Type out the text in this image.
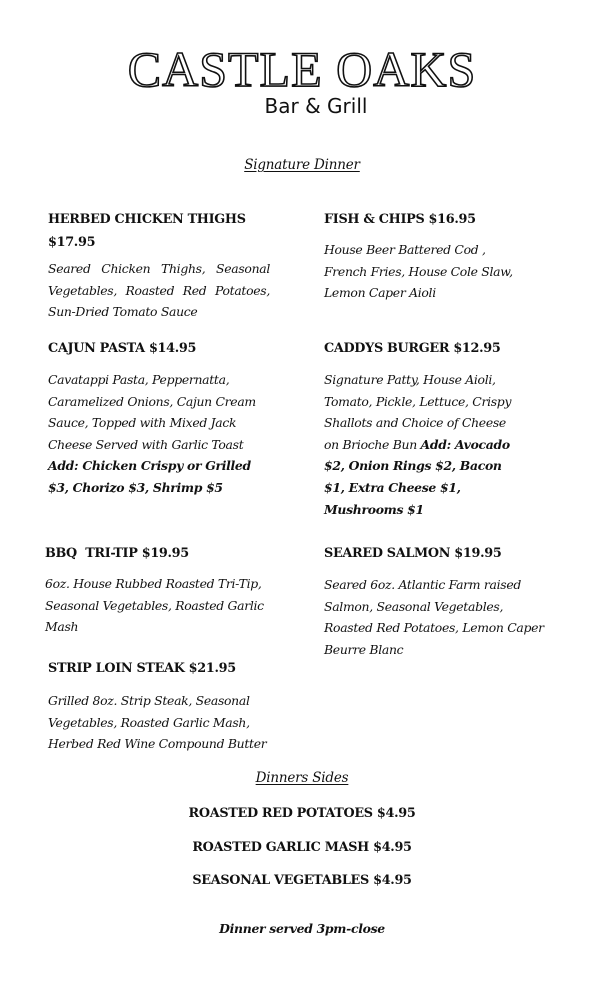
CASTLE OAKS
Bar & Grill
Signature Dinner
HERBED CHICKEN THIGHS
$17.95
Seared Chicken Thighs, Seasonal Vegetables, Roasted Red Potatoes, Sun-Dried Tomato Sauce
FISH & CHIPS $16.95
House Beer Battered Cod , French Fries, House Cole Slaw, Lemon Caper Aioli
CAJUN PASTA $14.95
Cavatappi Pasta, Peppernatta, Caramelized Onions, Cajun Cream Sauce, Topped with Mixed Jack Cheese Served with Garlic Toast Add: Chicken Crispy or Grilled $3, Chorizo $3, Shrimp $5
CADDYS BURGER $12.95
Signature Patty, House Aioli, Tomato, Pickle, Lettuce, Crispy Shallots and Choice of Cheese on Brioche Bun Add: Avocado $2, Onion Rings $2, Bacon $1, Extra Cheese $1, Mushrooms $1
BBQ  TRI-TIP $19.95
6oz. House Rubbed Roasted Tri-Tip, Seasonal Vegetables, Roasted Garlic Mash
SEARED SALMON $19.95
Seared 6oz. Atlantic Farm raised Salmon, Seasonal Vegetables, Roasted Red Potatoes, Lemon Caper Beurre Blanc
STRIP LOIN STEAK $21.95
Grilled 8oz. Strip Steak, Seasonal Vegetables, Roasted Garlic Mash, Herbed Red Wine Compound Butter
Dinners Sides
ROASTED RED POTATOES $4.95
ROASTED GARLIC MASH $4.95
SEASONAL VEGETABLES $4.95
Dinner served 3pm-close
